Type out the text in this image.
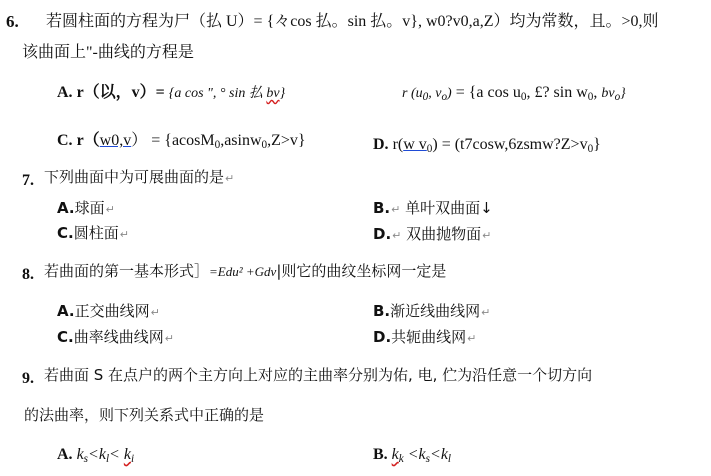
6. 若圆柱面的方程为尸（払 U）= {々cos 払。sin 払。v}, w0?v0,a,Z）均为常数，且。>0,则
该曲面上"-曲线的方程是
A. r（以，v）= {a cos ", ° sin 払 bv}	r ($u_0$, $v_o) = \{a$ $\cos u_0$, £? $\sin w_0$, $bv_o$}
C. r（w0,v） = {acosM$_0$,asinw$_0$,Z>v}	D. r(w $v_0$) = $(t7\cos w,6zsmw?Z>v_0\}$
7. 下列曲面中为可展曲面的是↵
A.球面↵	B.↵ 单叶双曲面↓
C.圆柱面↵	D.↵ 双曲抛物面↵
8. 若曲面的第一基本形式］=Edu² +Gdv|则它的曲纹坐标网一定是
A.正交曲线网↵	B.渐近线曲线网↵
C.曲率线曲线网↵	D.共轭曲线网↵
9. 若曲面 S 在点户的两个主方向上对应的主曲率分别为佑, 电, 伫为沿任意一个切方向
的法曲率，则下列关系式中正确的是
A. $k_s<k_l< k_i$	B. $k_k <k_s<k_l$
